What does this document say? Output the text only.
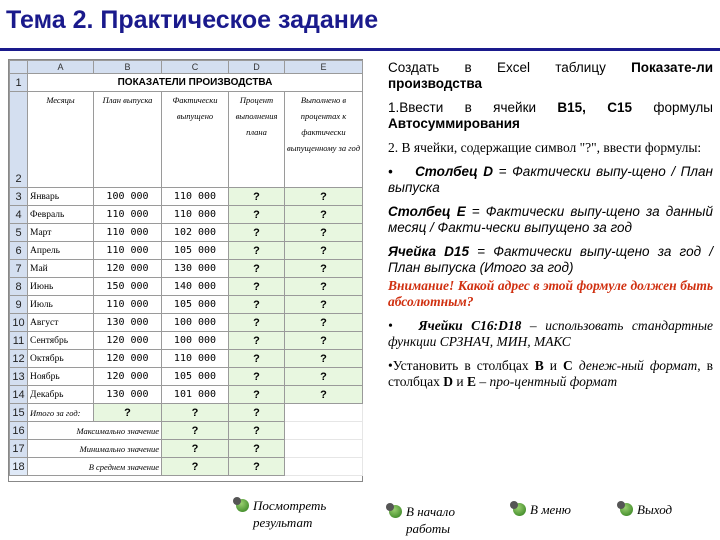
Тема 2. Практическое задание
	A	B	C	D	E
1	ПОКАЗАТЕЛИ ПРОИЗВОДСТВА				
2	Месяцы	План выпуска	Фактически выпущено	Процент выполнения плана	Выполнено в процентах к фактически выпущенному за год
3	Январь	100 000	110 000	?	?
4	Февраль	110 000	110 000	?	?
5	Март	110 000	102 000	?	?
6	Апрель	110 000	105 000	?	?
7	Май	120 000	130 000	?	?
8	Июнь	150 000	140 000	?	?
9	Июль	110 000	105 000	?	?
10	Август	130 000	100 000	?	?
11	Сентябрь	120 000	100 000	?	?
12	Октябрь	120 000	110 000	?	?
13	Ноябрь	120 000	105 000	?	?
14	Декабрь	130 000	101 000	?	?
15	Итого за год:	?	?	?	
16	Максимально значение		?	?	
17	Минимально значение		?	?	
18	В среднем значение		?	?	

Создать в Excel таблицу Показате-ли производства

1.Ввести в ячейки B15, C15 формулы Автосуммирования

2. В ячейки, содержащие символ "?", ввести формулы:

• Столбец D = Фактически выпу-щено / План выпуска

Столбец E = Фактически выпу-щено за данный месяц / Факти-чески выпущено за год

Ячейка D15 = Фактически выпу-щено за год / План выпуска (Итого за год)

Внимание! Какой адрес в этой формуле должен быть абсолютным?

• Ячейки C16:D18 – использовать стандартные функции СРЗНАЧ, МИН, МАКС

•Установить в столбцах B и C денеж-ный формат, в столбцах D и E – про-центный формат

Посмотреть результат
В начало работы
В меню	Выход
